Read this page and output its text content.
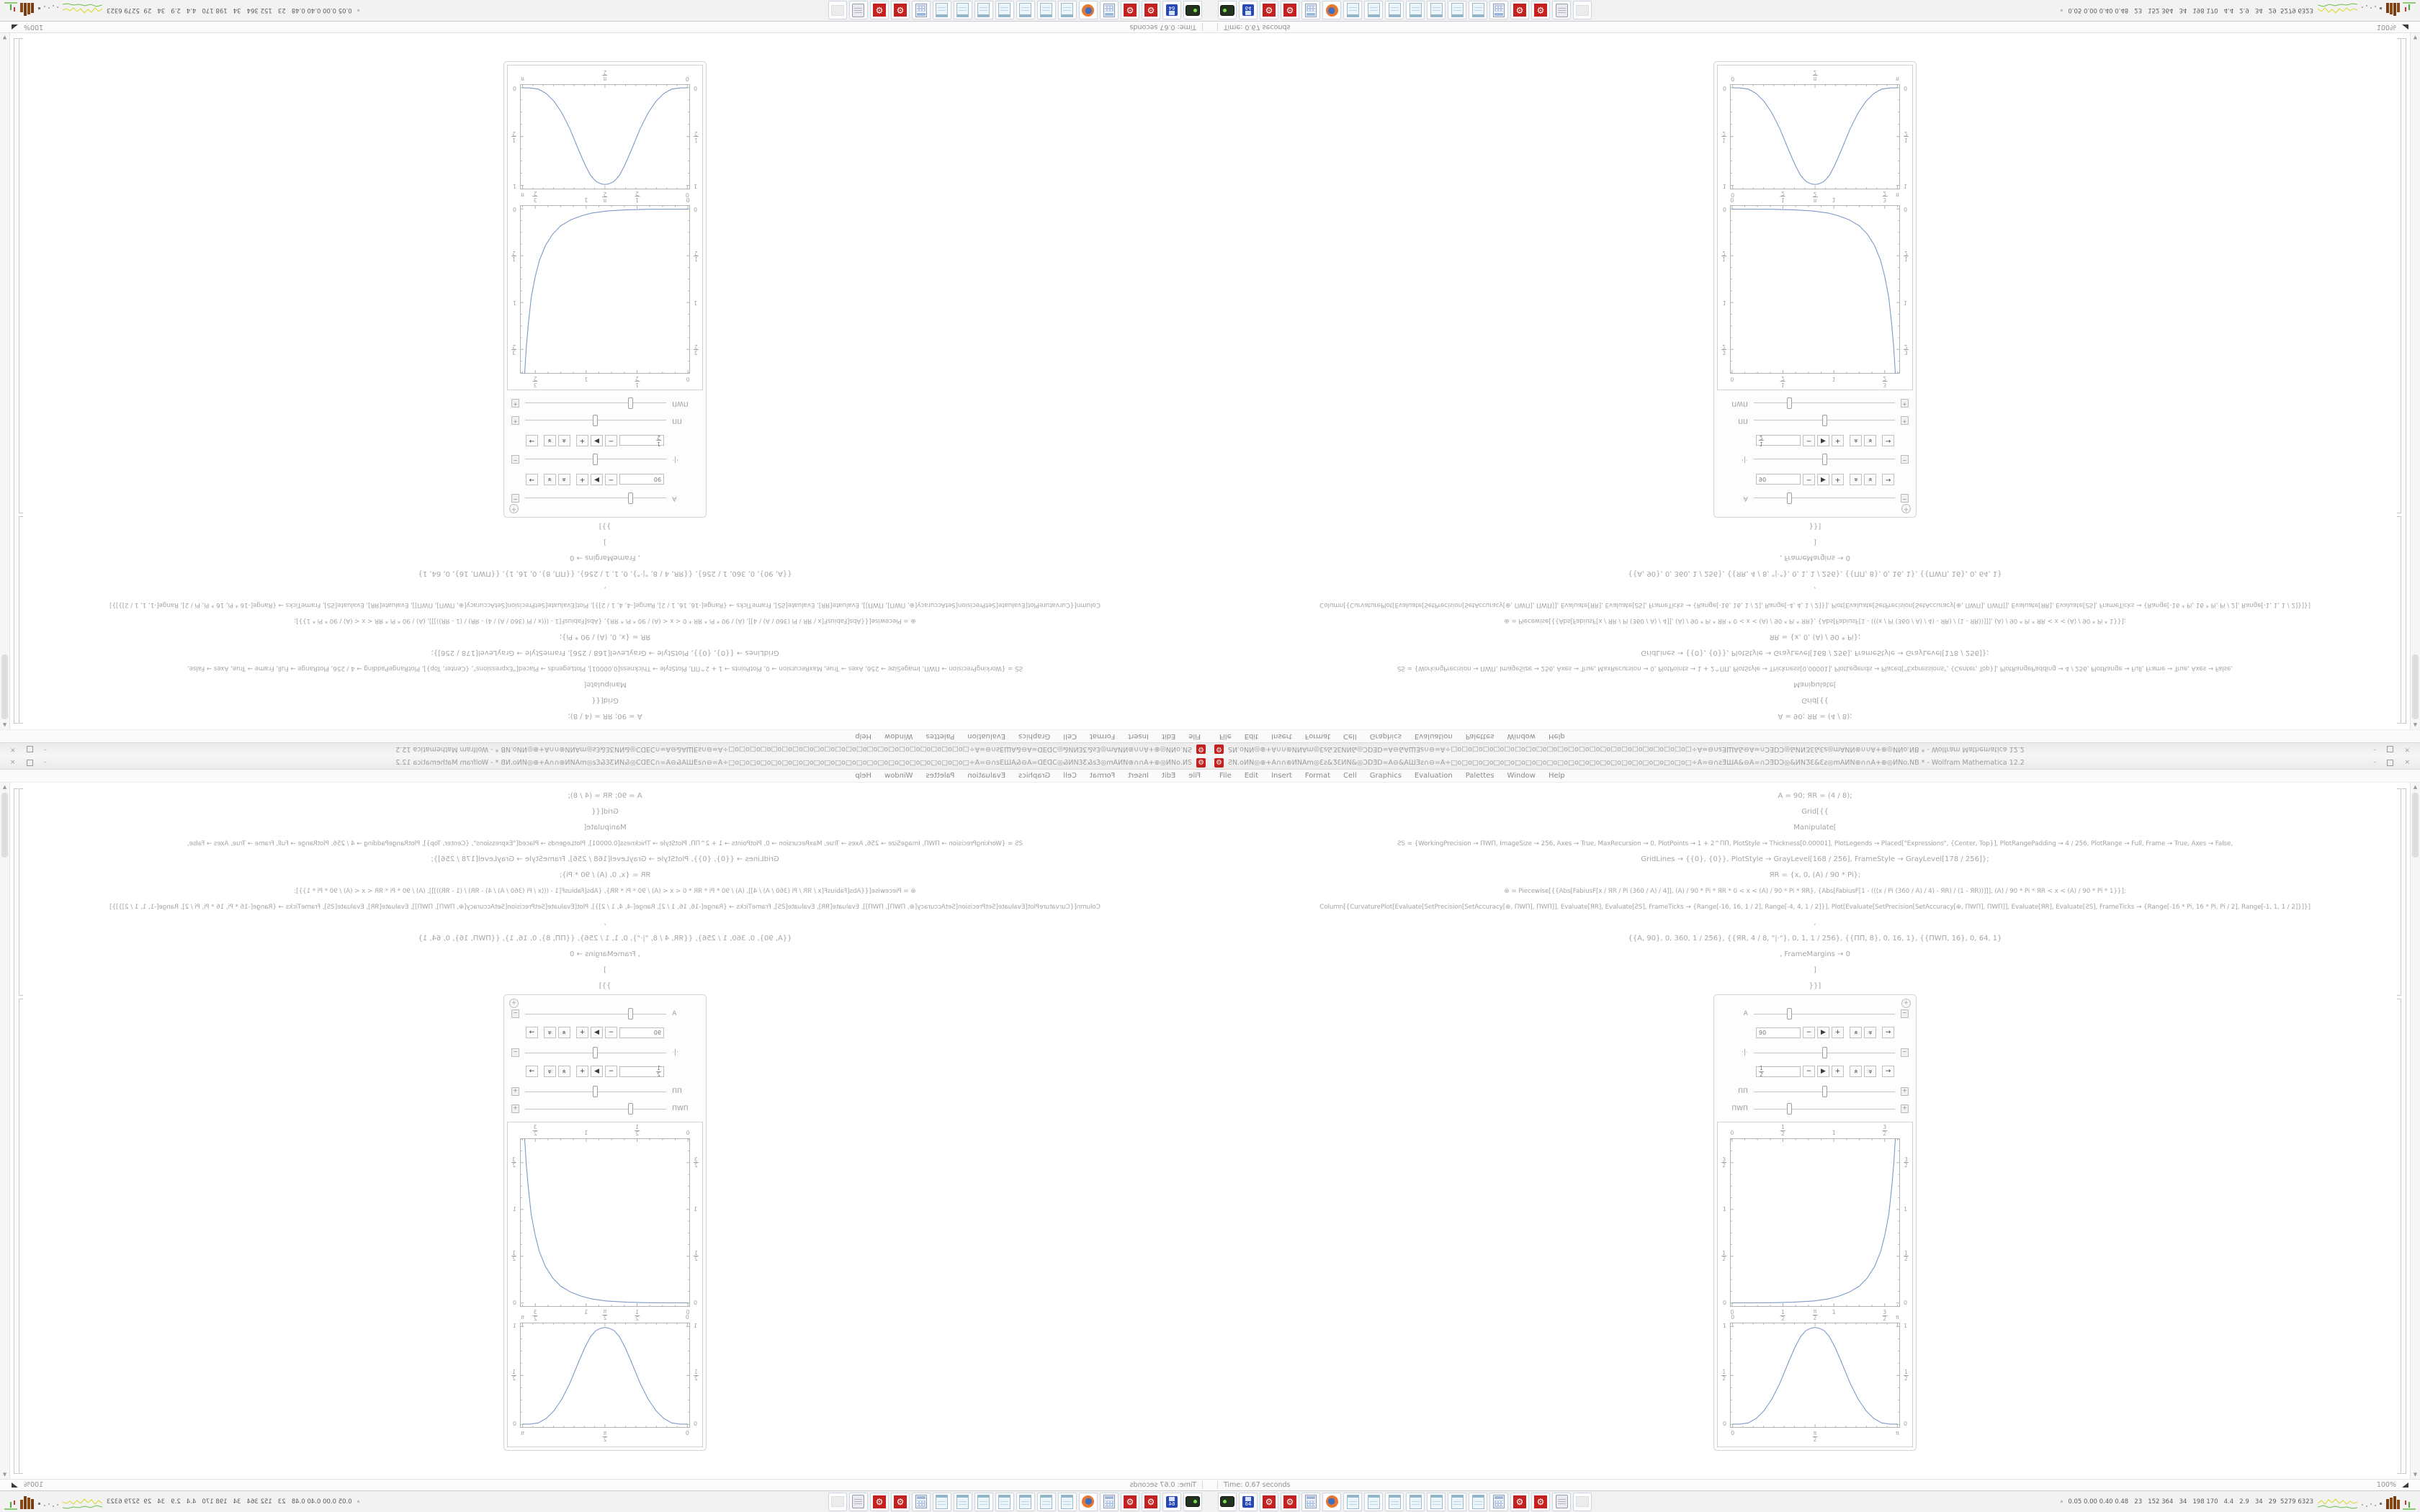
⚙
ƧN.oИN◎⊕+A∩∩⊛ИNAm◎Ɛƨ&ƷƐИN&◎ƆDƎD=A⊖&AШƎƨ∩⊖=A÷□o□o□o□o□o□o□o□o□o□o□o□o□o□o□o□o□o□o□o□o□o□o□÷A=⊖∩ƨƎШA&⊖A=∩ƆƎDƆ◎&ИNƷƐ&Ɛƨ◎mAИN⊛∩∩A+⊕◎ИNo.NB * - Wolfram Mathematica 12.2
–
×
File
Edit
Insert
Format
Cell
Graphics
Evaluation
Palettes
Window
Help
A = 90; ЯR = (4 / 8);
Grid[{{
Manipulate[
ƧS = {WorkingPrecision → ПWП, ImageSize → 256, Axes → True, MaxRecursion → 0, PlotPoints → 1 + 2^ПП, PlotStyle → Thickness[0.00001], PlotLegends → Placed["Expressions", {Center, Top}], PlotRangePadding → 4 / 256, PlotRange → Full, Frame → True, Axes → False,
GridLines → {{0}, {0}}, PlotStyle → GrayLevel[168 / 256], FrameStyle → GrayLevel[178 / 256]};
ЯR = {x, 0, (A) / 90 * Pi};
⊕ = Piecewise[{{Abs[FabiusF[x / ЯR / Pi (360 / A) / 4]], (A) / 90 * Pi * ЯR * 0 < x < (A) / 90 * Pi * ЯR}, {Abs[FabiusF[1 - (((x / Pi (360 / A) / 4) - ЯR) / (1 - ЯR))]]], (A) / 90 * Pi * ЯR < x < (A) / 90 * Pi * 1}}];
Column[{CurvaturePlot[Evaluate[SetPrecision[SetAccuracy[⊕, ПWП], ПWП]], Evaluate[ЯR], Evaluate[ƧS], FrameTicks → {Range[-16, 16, 1 / 2], Range[-4, 4, 1 / 2]}], Plot[Evaluate[SetPrecision[SetAccuracy[⊕, ПWП], ПWП]], Evaluate[ЯR], Evaluate[ƧS], FrameTicks → {Range[-16 * Pi, 16 * Pi, Pi / 2], Range[-1, 1, 1 / 2]}]}]
,
{{A, 90}, 0, 360, 1 / 256}, {{ЯR, 4 / 8, "|·"}, 0, 1, 1 / 256}, {{ПП, 8}, 0, 16, 1}, {{ПWП, 16}, 0, 64, 1}
, FrameMargins → 0
]
}}]
+
A
−
90
−
▶
+
«
»
→
·|·
−
1
2
−
▶
+
«
»
→
ПП
+
ПWП
+
0
0
1
2
1
2
1
1
3
2
3
2
0
0
1
2
1
2
1
1
3
2
3
2
0
0
π
2
π
2
π
π
0
0
1
2
1
2
1
1
▲
▼
Time: 0.67 seconds
100%
64
⚙
⚙
⚙
⚙
«
0.05 0.00 0.40 0.48   23   152 364   34   198 170   4.4   2.9   34   29  5279 6323
⚙ ƧN.oИN◎⊕+A∩∩⊛ИNAm◎Ɛƨ&ƷƐИN&◎ƆDƎD=A⊖&AШƎƨ∩⊖=A÷□o□o□o□o□o□o□o□o□o□o□o□o□o□o□o□o□o□o□o□o□o□o□÷A=⊖∩ƨƎШA&⊖A=∩ƆƎDƆ◎&ИNƷƐ&Ɛƨ◎mAИN⊛∩∩A+⊕◎ИNo.NB * - Wolfram Mathematica 12.2	–	×
File	Edit	Insert	Format	Cell	Graphics	Evaluation	Palettes	Window	Help
A = 90; ЯR = (4 / 8);
Grid[{{
Manipulate[
ƧS = {WorkingPrecision → ПWП, ImageSize → 256, Axes → True, MaxRecursion → 0, PlotPoints → 1 + 2^ПП, PlotStyle → Thickness[0.00001], PlotLegends → Placed["Expressions", {Center, Top}], PlotRangePadding → 4 / 256, PlotRange → Full, Frame → True, Axes → False,
GridLines → {{0}, {0}}, PlotStyle → GrayLevel[168 / 256], FrameStyle → GrayLevel[178 / 256]};
ЯR = {x, 0, (A) / 90 * Pi};
⊕ = Piecewise[{{Abs[FabiusF[x / ЯR / Pi (360 / A) / 4]], (A) / 90 * Pi * ЯR * 0 < x < (A) / 90 * Pi * ЯR}, {Abs[FabiusF[1 - (((x / Pi (360 / A) / 4) - ЯR) / (1 - ЯR))]]], (A) / 90 * Pi * ЯR < x < (A) / 90 * Pi * 1}}];
Column[{CurvaturePlot[Evaluate[SetPrecision[SetAccuracy[⊕, ПWП], ПWП]], Evaluate[ЯR], Evaluate[ƧS], FrameTicks → {Range[-16, 16, 1 / 2], Range[-4, 4, 1 / 2]}], Plot[Evaluate[SetPrecision[SetAccuracy[⊕, ПWП], ПWП]], Evaluate[ЯR], Evaluate[ƧS], FrameTicks → {Range[-16 * Pi, 16 * Pi, Pi / 2], Range[-1, 1, 1 / 2]}]}]
,
{{A, 90}, 0, 360, 1 / 256}, {{ЯR, 4 / 8, "|·"}, 0, 1, 1 / 256}, {{ПП, 8}, 0, 16, 1}, {{ПWП, 16}, 0, 64, 1}
, FrameMargins → 0
]
}}]
+
A	−
90	−	▶	+	« »	→
·|·	−
1
2	−	▶	+	« »	→
ПП	+
ПWП	+
0
0
1
2
1
2
1
1
3
2
3
2
0	0
1
2
1
2
1	1
3
2
3
2
0
0
π
2
π
2
π
π
0	0
1
2
1
2
1	1
▲
▼
Time: 0.67 seconds	100%
64
⚙	⚙	⚙	⚙	« 0.05 0.00 0.40 0.48   23   152 364   34   198 170   4.4   2.9   34   29  5279 6323
⚙
ƧN.oИN◎⊕+A∩∩⊛ИNAm◎Ɛƨ&ƷƐИN&◎ƆDƎD=A⊖&AШƎƨ∩⊖=A÷□o□o□o□o□o□o□o□o□o□o□o□o□o□o□o□o□o□o□o□o□o□o□÷A=⊖∩ƨƎШA&⊖A=∩ƆƎDƆ◎&ИNƷƐ&Ɛƨ◎mAИN⊛∩∩A+⊕◎ИNo.NB * - Wolfram Mathematica 12.2
–
×
File
Edit
Insert
Format
Cell
Graphics
Evaluation
Palettes
Window
Help
A = 90; ЯR = (4 / 8);
Grid[{{
Manipulate[
ƧS = {WorkingPrecision → ПWП, ImageSize → 256, Axes → True, MaxRecursion → 0, PlotPoints → 1 + 2^ПП, PlotStyle → Thickness[0.00001], PlotLegends → Placed["Expressions", {Center, Top}], PlotRangePadding → 4 / 256, PlotRange → Full, Frame → True, Axes → False,
GridLines → {{0}, {0}}, PlotStyle → GrayLevel[168 / 256], FrameStyle → GrayLevel[178 / 256]};
ЯR = {x, 0, (A) / 90 * Pi};
⊕ = Piecewise[{{Abs[FabiusF[x / ЯR / Pi (360 / A) / 4]], (A) / 90 * Pi * ЯR * 0 < x < (A) / 90 * Pi * ЯR}, {Abs[FabiusF[1 - (((x / Pi (360 / A) / 4) - ЯR) / (1 - ЯR))]]], (A) / 90 * Pi * ЯR < x < (A) / 90 * Pi * 1}}];
Column[{CurvaturePlot[Evaluate[SetPrecision[SetAccuracy[⊕, ПWП], ПWП]], Evaluate[ЯR], Evaluate[ƧS], FrameTicks → {Range[-16, 16, 1 / 2], Range[-4, 4, 1 / 2]}], Plot[Evaluate[SetPrecision[SetAccuracy[⊕, ПWП], ПWП]], Evaluate[ЯR], Evaluate[ƧS], FrameTicks → {Range[-16 * Pi, 16 * Pi, Pi / 2], Range[-1, 1, 1 / 2]}]}]
,
{{A, 90}, 0, 360, 1 / 256}, {{ЯR, 4 / 8, "|·"}, 0, 1, 1 / 256}, {{ПП, 8}, 0, 16, 1}, {{ПWП, 16}, 0, 64, 1}
, FrameMargins → 0
]
}}]
+
A
−
90
−
▶
+
«
»
→
·|·
−
$\frac{1}{2}$
−
▶
+
«
»
→
ПП
+
ПWП
+
0
0
$\frac{1}{2}$
$\frac{1}{2}$
1
1
$\frac{3}{2}$
$\frac{3}{2}$
0
0
$\frac{1}{2}$
$\frac{1}{2}$
1
1
$\frac{3}{2}$
$\frac{3}{2}$
0
0
$\frac{\pi}{2}$
$\frac{\pi}{2}$
π
π
0
0
$\frac{1}{2}$
$\frac{1}{2}$
1
1
▲
▼
Time: 0.67 seconds
100%
64
⚙
⚙
⚙
⚙
«
0.05 0.00 0.40 0.48   23   152 364   34   198 170   4.4   2.9   34   29  5279 6323
⚙ ƧN.oИN◎⊕+A∩∩⊛ИNAm◎Ɛƨ&ƷƐИN&◎ƆDƎD=A⊖&AШƎƨ∩⊖=A÷□o□o□o□o□o□o□o□o□o□o□o□o□o□o□o□o□o□o□o□o□o□o□÷A=⊖∩ƨƎШA&⊖A=∩ƆƎDƆ◎&ИNƷƐ&Ɛƨ◎mAИN⊛∩∩A+⊕◎ИNo.NB * - Wolfram Mathematica 12.2	–	×
File	Edit	Insert	Format	Cell	Graphics	Evaluation	Palettes	Window	Help
A = 90; ЯR = (4 / 8);
Grid[{{
Manipulate[
ƧS = {WorkingPrecision → ПWП, ImageSize → 256, Axes → True, MaxRecursion → 0, PlotPoints → 1 + 2^ПП, PlotStyle → Thickness[0.00001], PlotLegends → Placed["Expressions", {Center, Top}], PlotRangePadding → 4 / 256, PlotRange → Full, Frame → True, Axes → False,
GridLines → {{0}, {0}}, PlotStyle → GrayLevel[168 / 256], FrameStyle → GrayLevel[178 / 256]};
ЯR = {x, 0, (A) / 90 * Pi};
⊕ = Piecewise[{{Abs[FabiusF[x / ЯR / Pi (360 / A) / 4]], (A) / 90 * Pi * ЯR * 0 < x < (A) / 90 * Pi * ЯR}, {Abs[FabiusF[1 - (((x / Pi (360 / A) / 4) - ЯR) / (1 - ЯR))]]], (A) / 90 * Pi * ЯR < x < (A) / 90 * Pi * 1}}];
Column[{CurvaturePlot[Evaluate[SetPrecision[SetAccuracy[⊕, ПWП], ПWП]], Evaluate[ЯR], Evaluate[ƧS], FrameTicks → {Range[-16, 16, 1 / 2], Range[-4, 4, 1 / 2]}], Plot[Evaluate[SetPrecision[SetAccuracy[⊕, ПWП], ПWП]], Evaluate[ЯR], Evaluate[ƧS], FrameTicks → {Range[-16 * Pi, 16 * Pi, Pi / 2], Range[-1, 1, 1 / 2]}]}]
,
{{A, 90}, 0, 360, 1 / 256}, {{ЯR, 4 / 8, "|·"}, 0, 1, 1 / 256}, {{ПП, 8}, 0, 16, 1}, {{ПWП, 16}, 0, 64, 1}
, FrameMargins → 0
]
}}]
+
A	−
90	−	▶	+	« »	→
·|·	−
$\frac{1}{2}$	−	▶	+	« »	→
ПП	+
ПWП	+
0
0
$\frac{1}{2}$
$\frac{1}{2}$
1
1
$\frac{3}{2}$
$\frac{3}{2}$
0	0
$\frac{1}{2}$	$\frac{1}{2}$
1	1
$\frac{3}{2}$	$\frac{3}{2}$
0
0
$\frac{\pi}{2}$
$\frac{\pi}{2}$
π
π
0	0
$\frac{1}{2}$	$\frac{1}{2}$
1	1
▲
▼
Time: 0.67 seconds	100%
64
⚙	⚙	⚙	⚙	« 0.05 0.00 0.40 0.48   23   152 364   34   198 170   4.4   2.9   34   29  5279 6323
